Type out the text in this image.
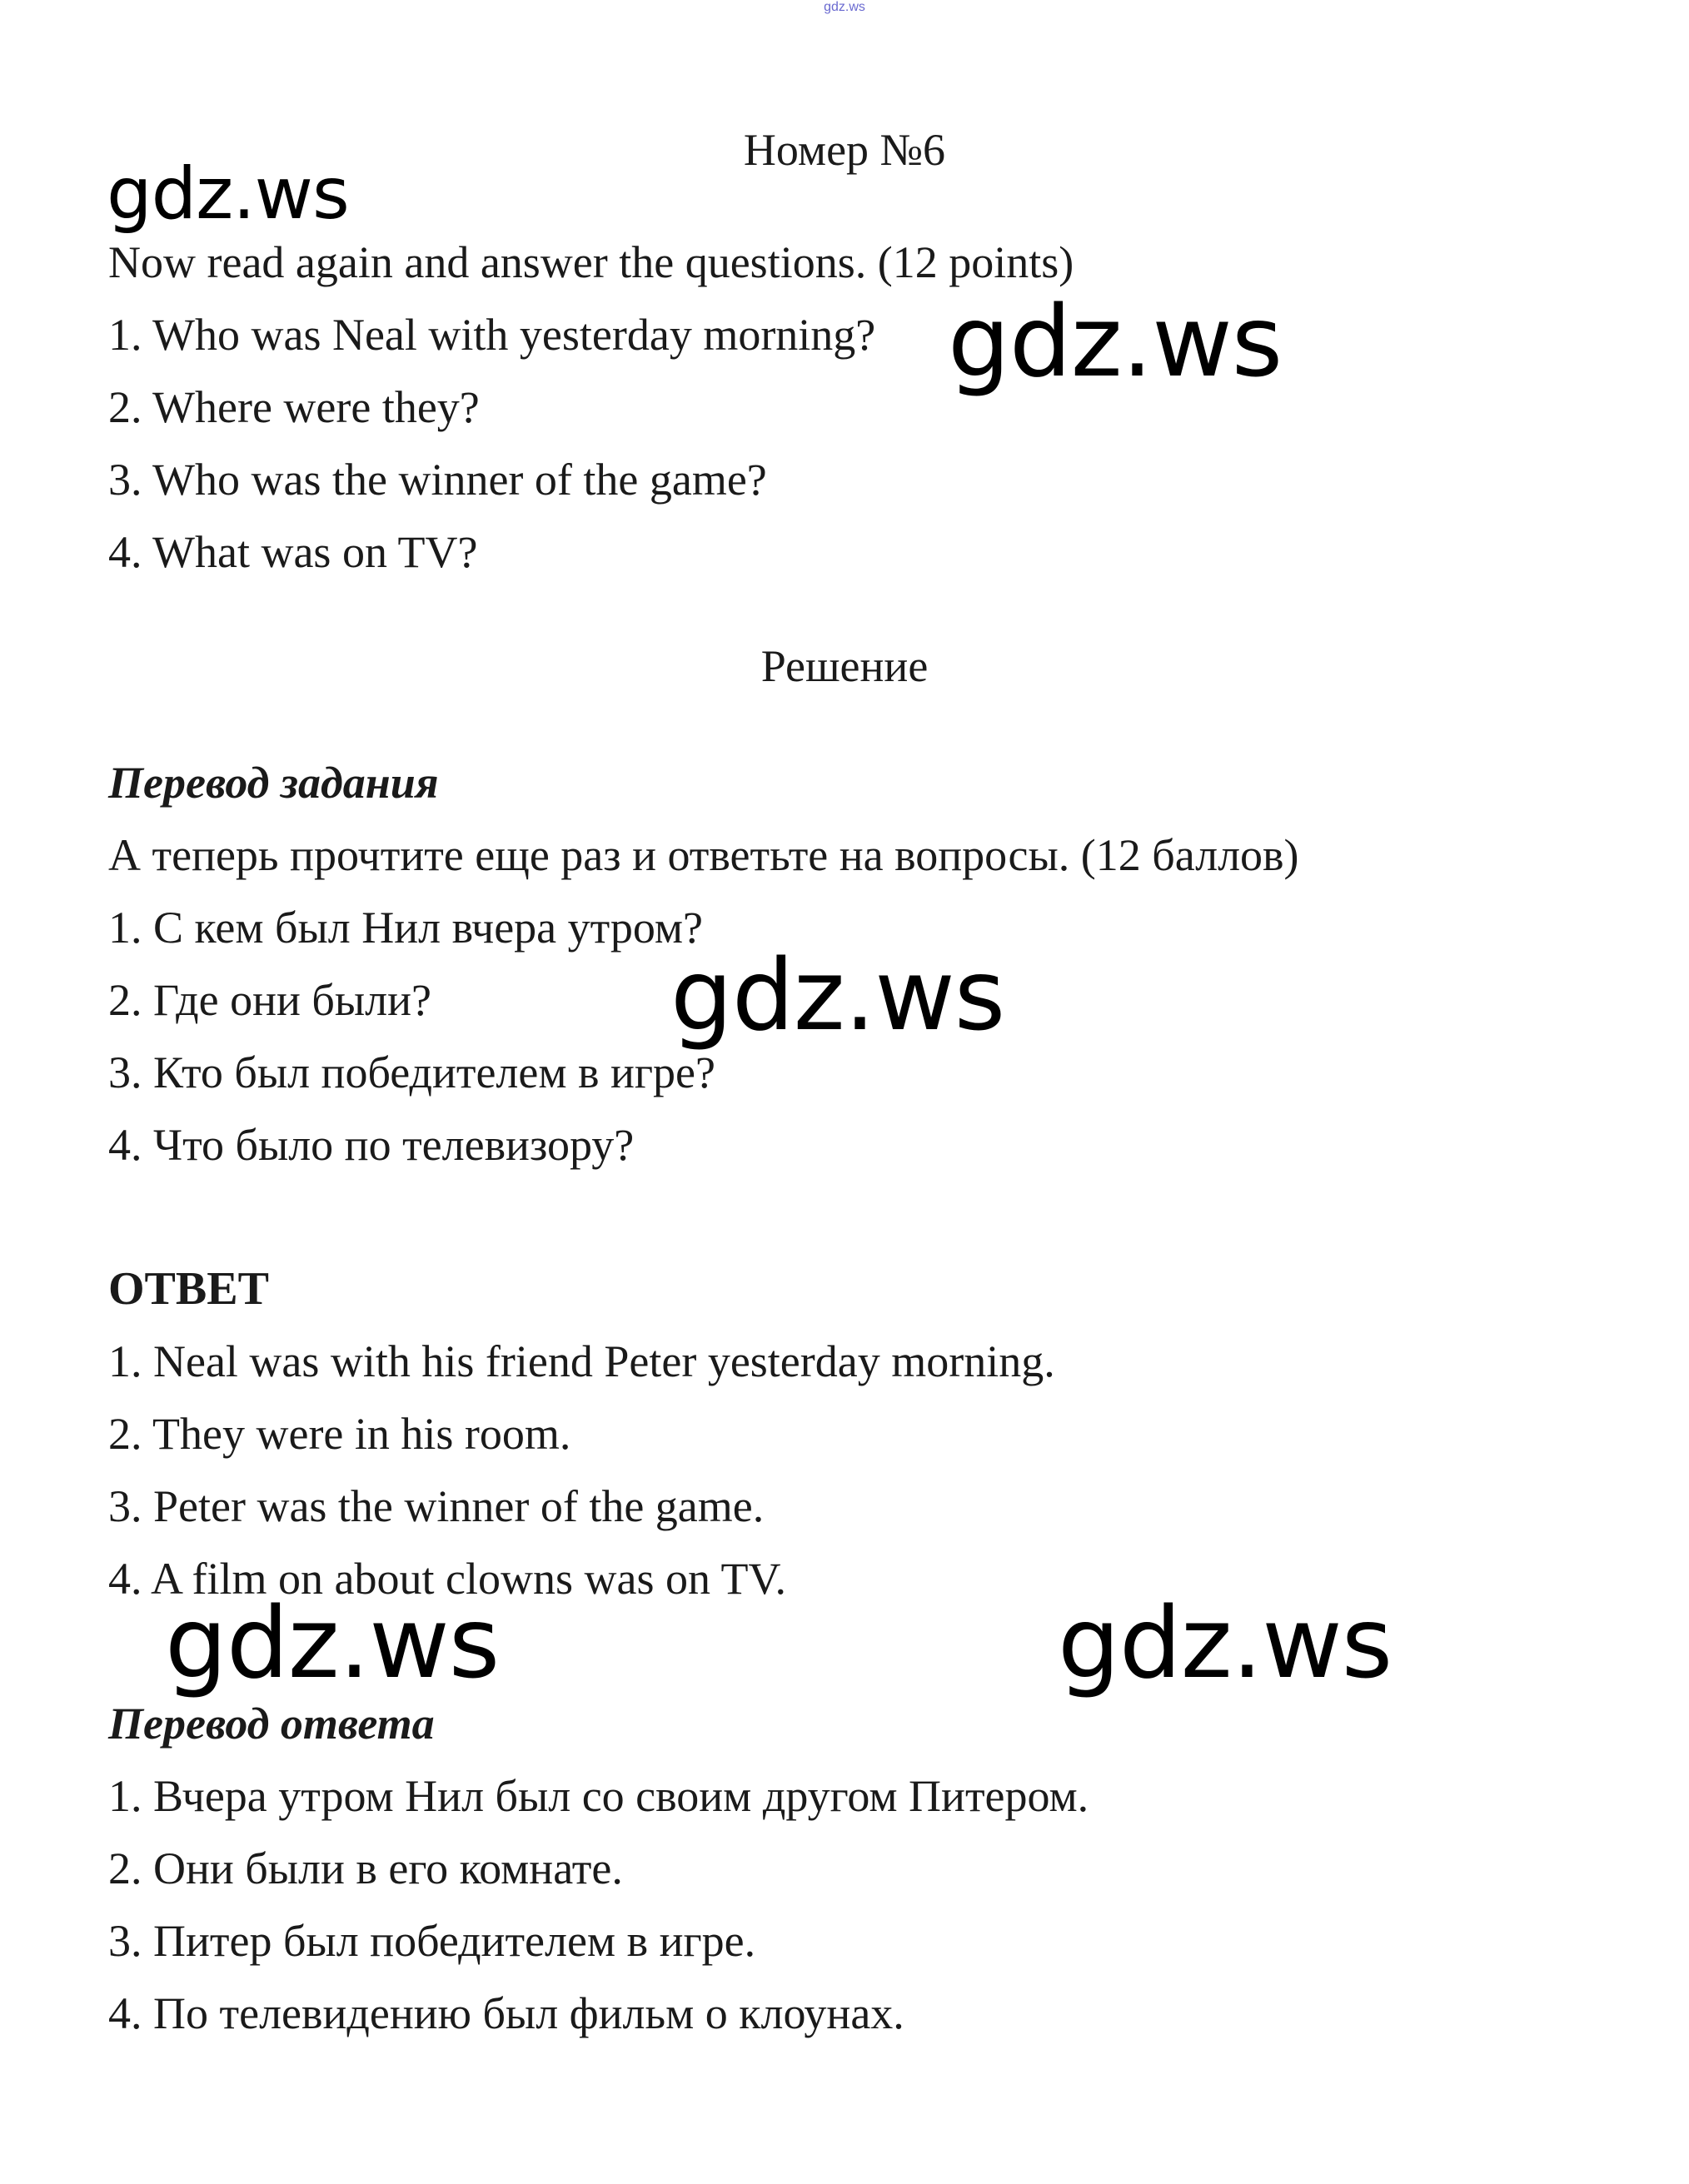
gdz.ws
Номер №6
Now read again and answer the questions. (12 points)
1. Who was Neal with yesterday morning?
2. Where were they?
3. Who was the winner of the game?
4. What was on TV?
Решение
Перевод задания
А теперь прочтите еще раз и ответьте на вопросы. (12 баллов)
1. С кем был Нил вчера утром?
2. Где они были?
3. Кто был победителем в игре?
4. Что было по телевизору?
ОТВЕТ
1. Neal was with his friend Peter yesterday morning.
2. They were in his room.
3. Peter was the winner of the game.
4. A film on about clowns was on TV.
Перевод ответа
1. Вчера утром Нил был со своим другом Питером.
2. Они были в его комнате.
3. Питер был победителем в игре.
4. По телевидению был фильм о клоунах.
gdz.ws
gdz.ws
gdz.ws
gdz.ws	gdz.ws
